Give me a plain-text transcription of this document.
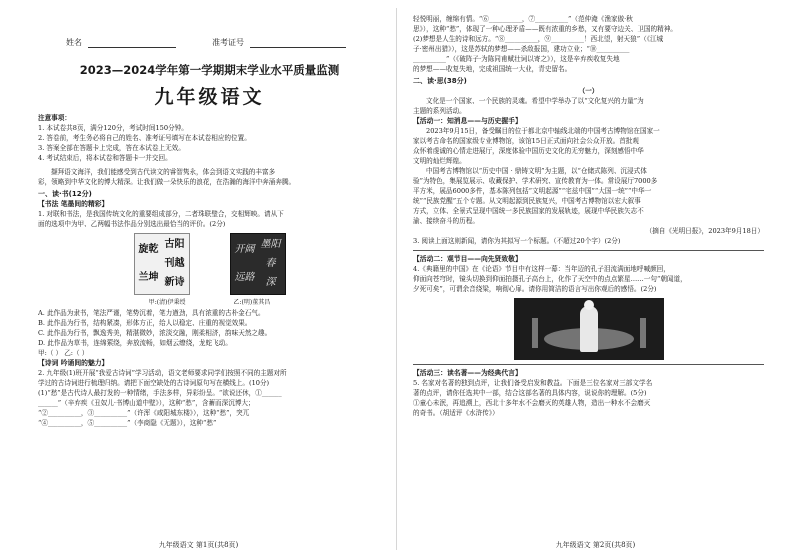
姓名	准考证号

2023—2024学年第一学期期末学业水平质量监测

九年级语文

注意事项：

1. 本试卷共8页，满分120分，考试时间150分钟。

2. 答卷前，考生务必将自己的姓名、准考证号填写在本试卷相应的位置。

3. 答案全部在答题卡上完成，答在本试卷上无效。

4. 考试结束后，将本试卷和答题卡一并交回。

撷拜语文海洋，我们能感受到古代读文的睿智隽永，体会到语文实践的丰富多

彩，领略到中华文化的博大精深。让我们做一朵快乐的浪花，在浩瀚的海洋中奔涌奔腾。

一、读·书(12分)

【书法 笔墨间的精彩】

1. 对联和书法，是我国传统文化的重要组成部分，二者珠联璧合，交相辉映。请从下

面的选项中为甲、乙两幅书法作品分别选出最恰当的评价。(2分)

旋乾
兰坤
古阳
刊越
新诗
开阔
远路
墨阳
春
深
甲:(清)伊秉绶	乙:(明)董其昌

A. 此作品为隶书，笔法严谨，笔势沉着，笔力遒劲，具有浓重的古朴金石气。

B. 此作品为行书，结构紧凑，形体方正，给人以稳定、庄重的视觉效果。

C. 此作品为行书，飘逸秀美，精湛微妙，浓淡交融，刚柔相济，韵味天然之趣。

D. 此作品为草书，连绵萦绕，奔放流畅，如烟云缭绕，龙蛇飞动。

甲:（ ） 乙:（ ）

【诗词 吟诵间的魅力】

2. 九年级(1)班开展“我爱古诗词”学习活动，语文老师要求同学们按照不同的主题对所

学过的古诗词进行梳理归纳。请把下面空缺处的古诗词原句写在横线上。(10分)

(1)“愁”是古代诗人最打发的一种情绪，手法多样，异彩纷呈。“欲说还休，①______

______”（辛弃疾《丑奴儿·书博山道中壁》），这种“愁”，含蓄而深沉博大；

“②__________，③__________”（许浑《咸阳城东楼》），这种“愁”，突兀

“④__________，⑤__________”（李商隐《无题》），这种“愁”

九年级语文 第1页(共8页)

轻悦明丽，缠绵有情。“⑥__________，⑦__________”（范仲淹《渔家傲·秋

思》），这种“愁”，体现了一种心理矛盾——既有浓重的乡愁，又有要守边关、卫国的精神。

(2)梦想是人生的诗和远方。“⑧__________，⑨__________！西北望，射天狼”（《江城

子·密州出猎》），这是苏轼的梦想——杀敌报国，建功立业；“⑩__________

__________”（《破阵子·为陈同甫赋壮词以寄之》），这是辛弃疾收复失地

的梦想——收复失地，完成祖国统一大业，青史留名。

二、读·思(38分)

（一）

文化是一个国家、一个民族的灵魂。希望中学举办了以“文化复兴的力量”为

主题的系列活动。

【活动一：知消息——与历史握手】

2023年9月15日，备受瞩目的位于都北京中轴线北端的中国考古博物馆在国家一

家以考古命名的国家级专业博物馆，该馆15日正式面向社会公众开放。首批观

众怀着虔诚的心情走进展厅，深度体验中国历史文化的无穷魅力，深刻感悟中华

文明的灿烂辉煌。

中国考古博物馆以“历史中国 · 鼎铸文明”为主题，以“仓储式陈列、沉浸式体

验”为特色，集展览展示、收藏保护、学术研究、宣传教育为一体。常设展厅7000多

平方米，展品6000多件，基本陈列包括“文明起源”“宅兹中国”“大国一统”“中华一

统”“民族党醒”五个专题。从文明起源到民族复兴，中国考古博物馆以宏大叙事

方式，立体、全景式呈现中国统一多民族国家的发展轨迹，展现中华民族矢志不

渝、接续奋斗的历程。

（摘自《光明日报》，2023年9月18日）

3. 阅读上面这则新闻，请你为其拟写一个标题。（不超过20个字）(2分)

【活动二：观节目——向先贤致敬】

4.《典籍里的中国》在《论语》节目中有这样一幕：当年迈的孔子泪流满面地呼喊颜回，

仰面向苍穹时，镜头切换到仰面拍摄孔子高台上，化作了天空中的点点繁星……一句“朝闻道，

夕死可矣”，可谓余音绕梁，响彻心扉。请你用简洁的语言写出你观后的感悟。(2分)

【活动三：读名著——为经典代言】

5. 名家对名著的独到点评，让我们备受启发和教益。下面是三位名家对三部文学名

著的点评，请你任选其中一部，结合这部名著的具体内容，说说你的理解。(5分)

①童心未泯，再追溯上，西北十多年水不会磨灭的英雄人物，造出一种水不会磨灭

的奇书。（胡适评《水浒传》）

九年级语文 第2页(共8页)
